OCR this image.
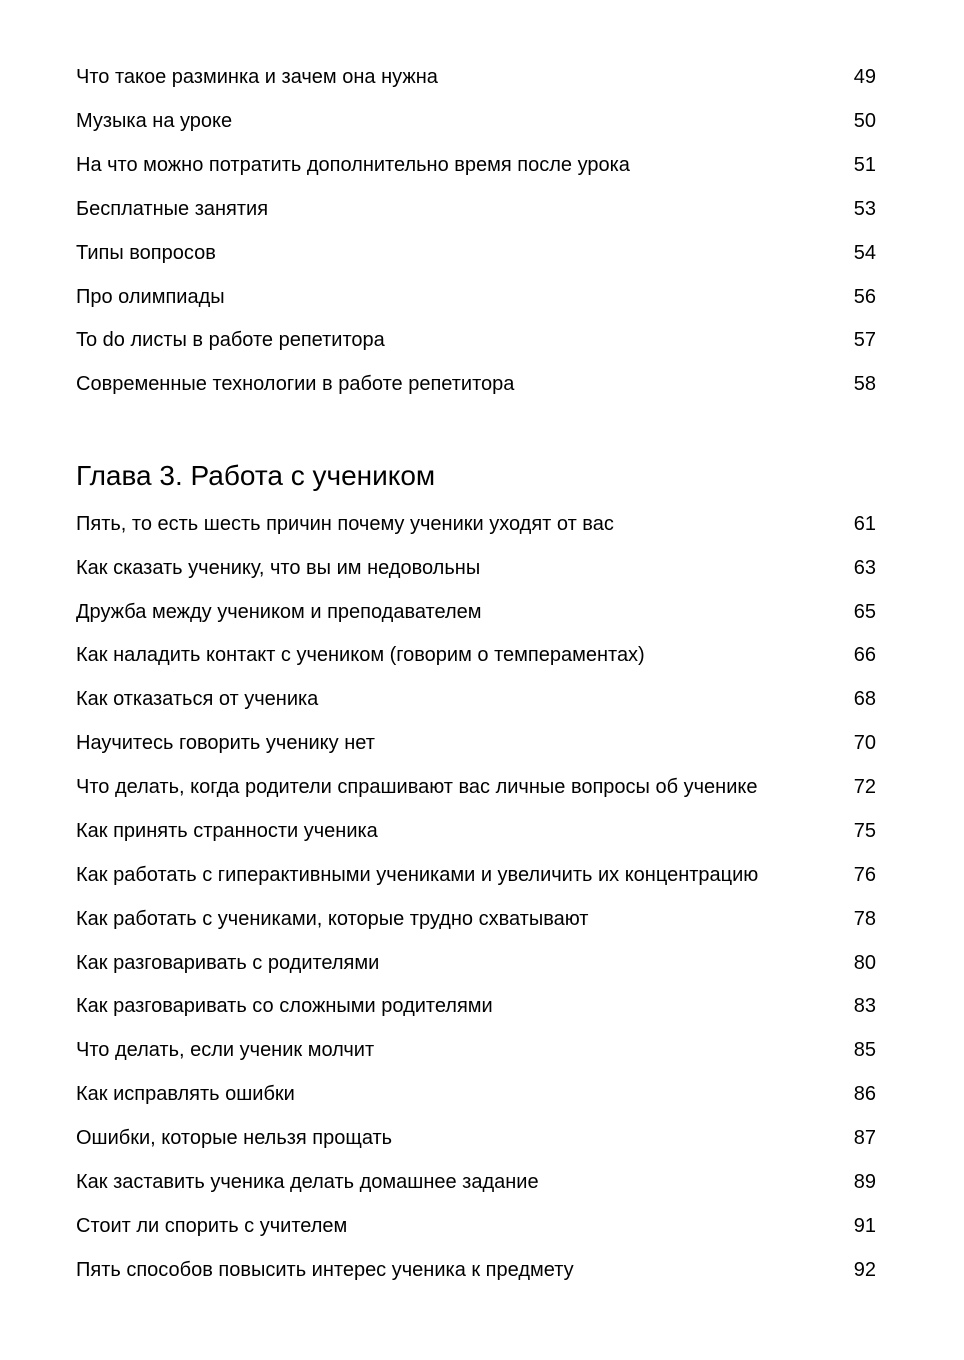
Что такое разминка и зачем она нужна	49
Музыка на уроке	50
На что можно потратить дополнительно время после урока	51
Бесплатные занятия	53
Типы вопросов	54
Про олимпиады	56
To do листы в работе репетитора	57
Современные технологии в работе репетитора	58
Глава 3. Работа с учеником
Пять, то есть шесть причин почему ученики уходят от вас	61
Как сказать ученику, что вы им недовольны	63
Дружба между учеником и преподавателем	65
Как наладить контакт с учеником (говорим о темпераментах)	66
Как отказаться от ученика	68
Научитесь говорить ученику нет	70
Что делать, когда родители спрашивают вас личные вопросы об ученике	72
Как принять странности ученика	75
Как работать с гиперактивными учениками и увеличить их концентрацию	76
Как работать с учениками, которые трудно схватывают	78
Как разговаривать с родителями	80
Как разговаривать со сложными родителями	83
Что делать, если ученик молчит	85
Как исправлять ошибки	86
Ошибки, которые нельзя прощать	87
Как заставить ученика делать домашнее задание	89
Стоит ли спорить с учителем	91
Пять способов повысить интерес ученика к предмету	92
